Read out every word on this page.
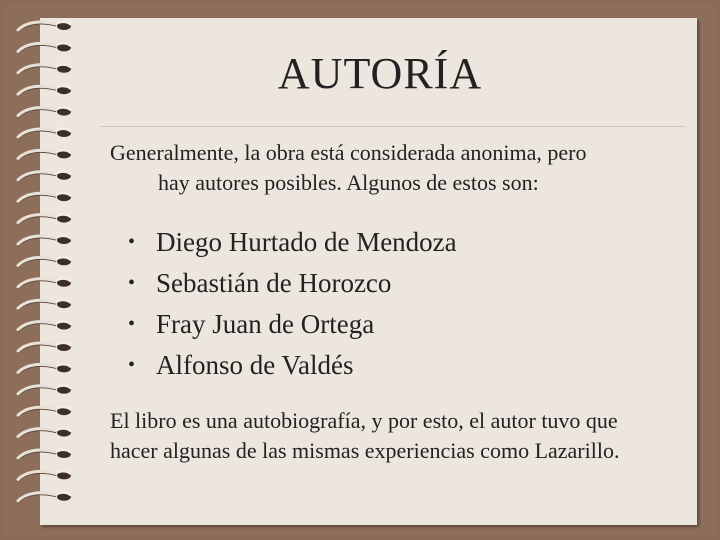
AUTORÍA
Generalmente, la obra está considerada anonima, pero
hay autores posibles. Algunos de estos son:
• Diego Hurtado de Mendoza
• Sebastián de Horozco
• Fray Juan de Ortega
• Alfonso de Valdés
El libro es una autobiografía, y por esto, el autor tuvo que
hacer algunas de las mismas experiencias como Lazarillo.
